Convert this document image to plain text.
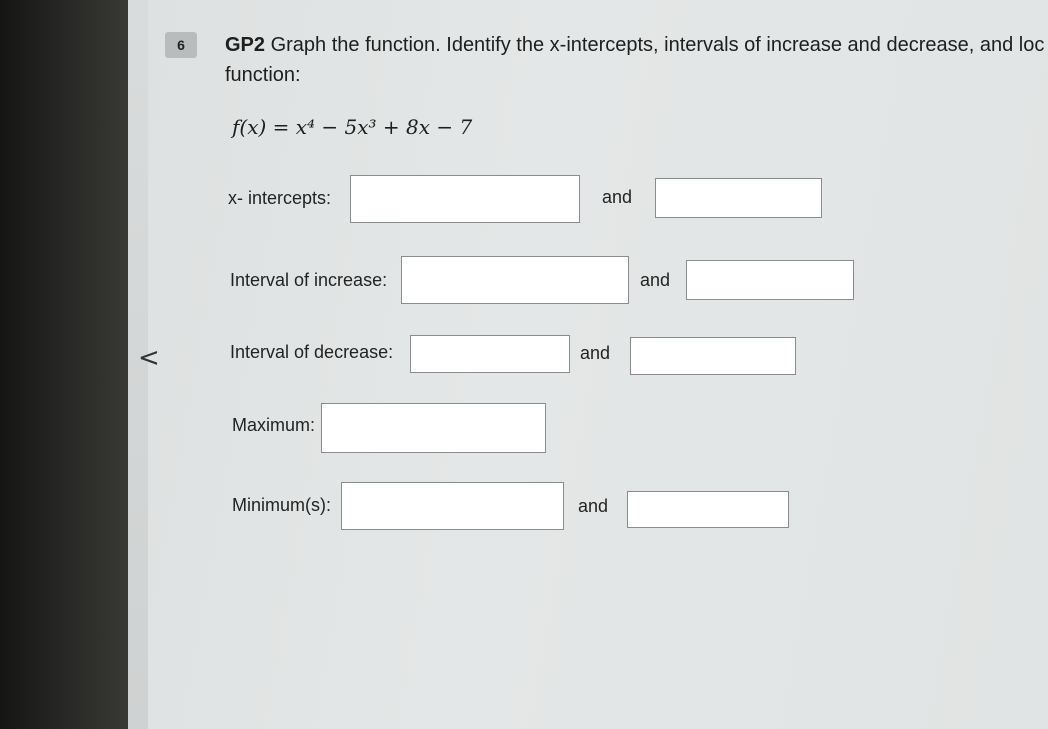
<
6	GP2 Graph the function. Identify the x-intercepts, intervals of increase and decrease, and loc
function:
f(x) = x⁴ − 5x³ + 8x − 7
x- intercepts:	and
Interval of increase:	and
Interval of decrease:	and
Maximum:
Minimum(s):	and
